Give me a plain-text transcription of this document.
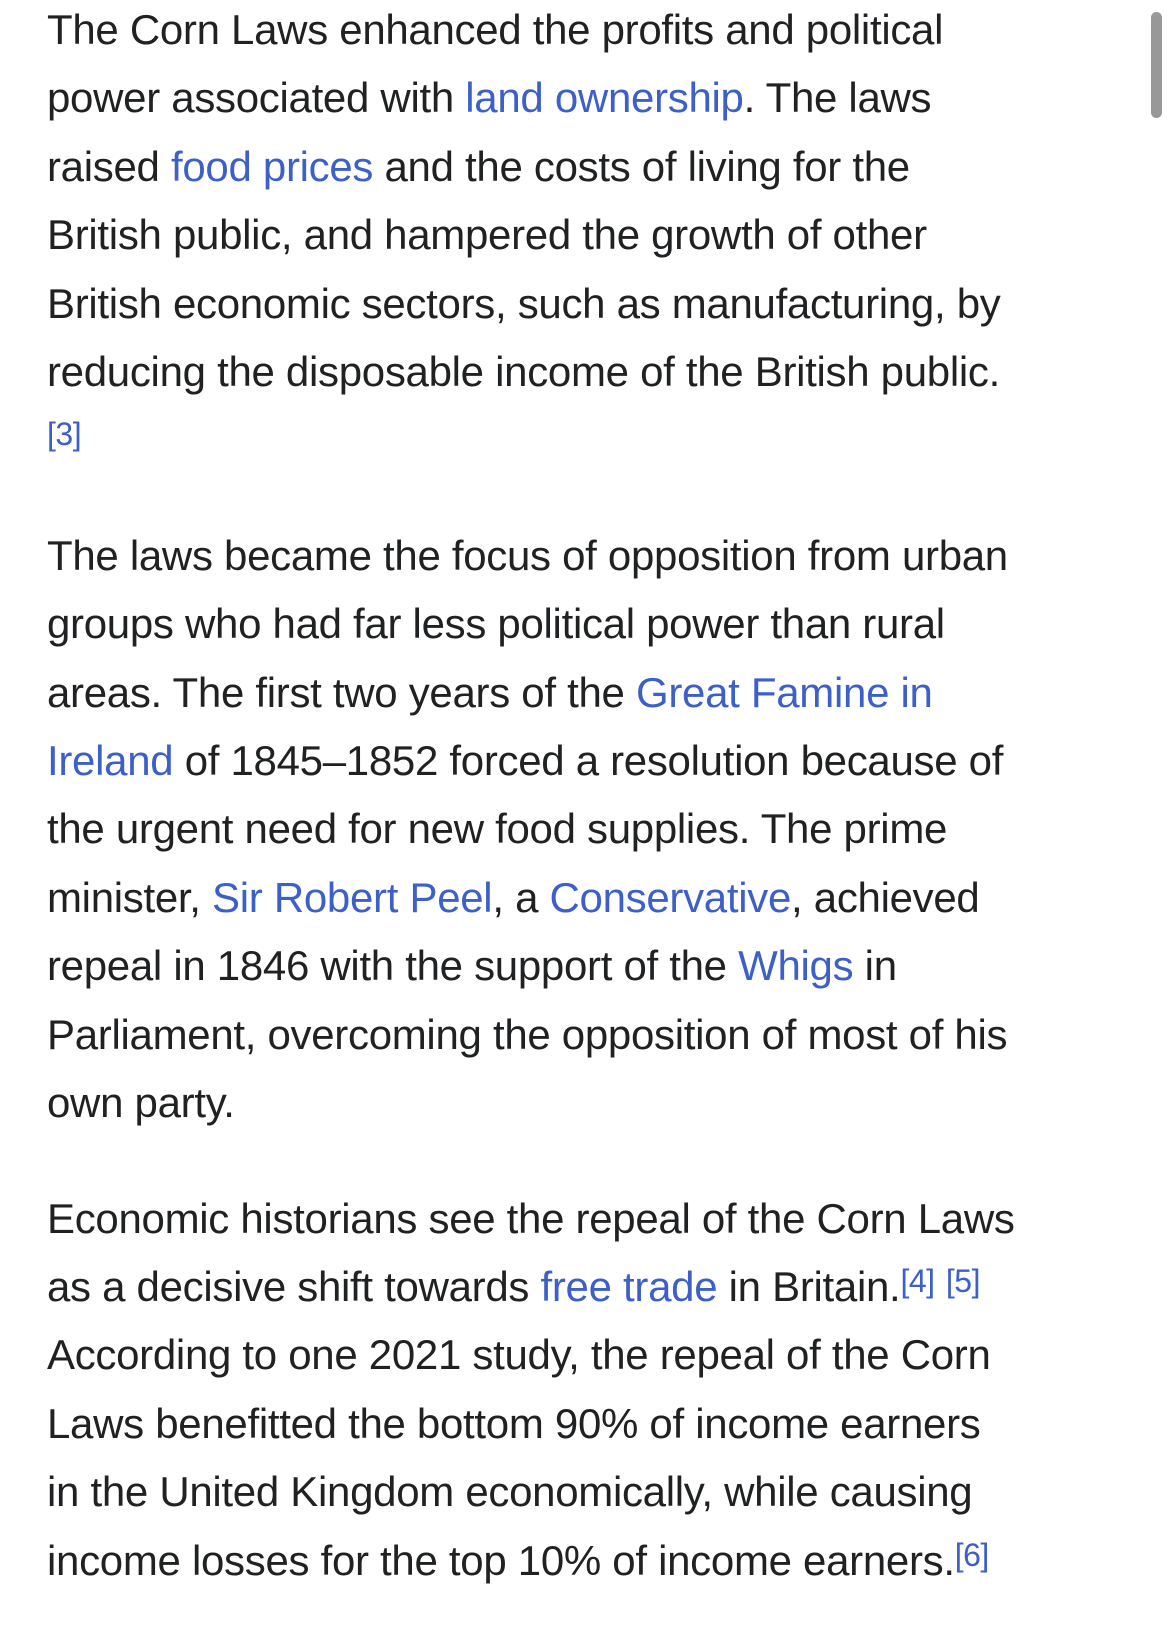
The Corn Laws enhanced the profits and political
power associated with land ownership. The laws
raised food prices and the costs of living for the
British public, and hampered the growth of other
British economic sectors, such as manufacturing, by
reducing the disposable income of the British public.
[3]

The laws became the focus of opposition from urban
groups who had far less political power than rural
areas. The first two years of the Great Famine in
Ireland of 1845–1852 forced a resolution because of
the urgent need for new food supplies. The prime
minister, Sir Robert Peel, a Conservative, achieved
repeal in 1846 with the support of the Whigs in
Parliament, overcoming the opposition of most of his
own party.

Economic historians see the repeal of the Corn Laws
as a decisive shift towards free trade in Britain.[4] [5]
According to one 2021 study, the repeal of the Corn
Laws benefitted the bottom 90% of income earners
in the United Kingdom economically, while causing
income losses for the top 10% of income earners.[6]
